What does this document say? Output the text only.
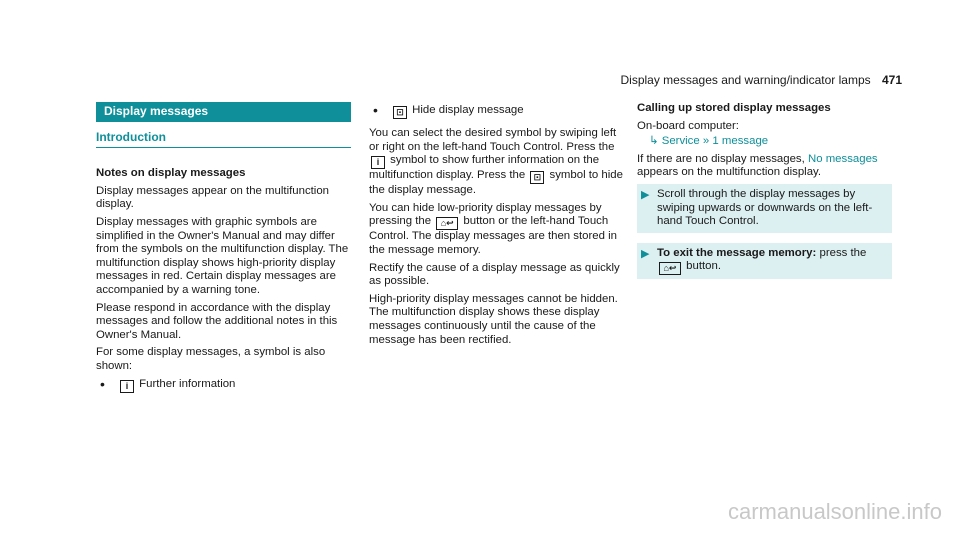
Display messages and warning/indicator lamps 471
Display messages
Introduction

Notes on display messages

Display messages appear on the multifunction display.

Display messages with graphic symbols are simplified in the Owner's Manual and may differ from the symbols on the multifunction display. The multifunction display shows high-priority display messages in red. Certain display messages are accompanied by a warning tone.

Please respond in accordance with the display messages and follow the additional notes in this Owner's Manual.

For some display messages, a symbol is also shown:

•	i Further information
•	⊡ Hide display message

You can select the desired symbol by swiping left or right on the left-hand Touch Control. Press the i symbol to show further information on the multifunction display. Press the ⊡ symbol to hide the display message.

You can hide low-priority display messages by pressing the ⌂↩ button or the left-hand Touch Control. The display messages are then stored in the message memory.

Rectify the cause of a display message as quickly as possible.

High-priority display messages cannot be hidden. The multifunction display shows these display messages continuously until the cause of the message has been rectified.

Calling up stored display messages

On-board computer:

↳ Service » 1 message

If there are no display messages, No messages appears on the multifunction display.

▶ Scroll through the display messages by swiping upwards or downwards on the left-hand Touch Control.
▶ To exit the message memory: press the
⌂↩ button.
carmanualsonline.info
